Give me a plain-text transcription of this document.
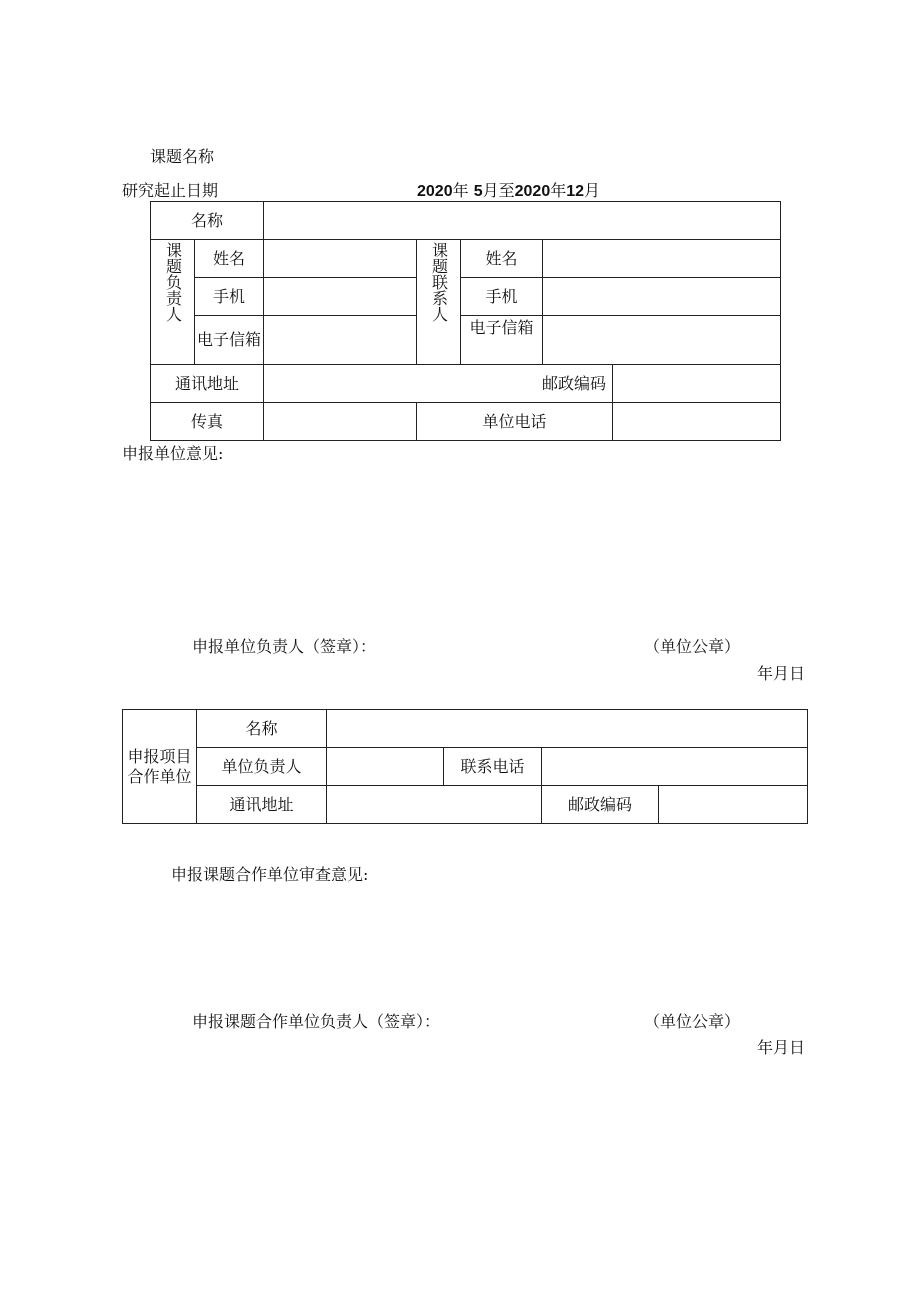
课题名称
研究起止日期	2020年 5月至2020年12月
名称						
课题负责人	姓名		课题联系人	姓名		
	手机			手机		
	电子信箱			电子信箱		
通讯地址		邮政编码				
传真			单位电话			
申报单位意见:
申报单位负责人（签章）：	（单位公章）
年月日
申报项目合作单位	名称				
	单位负责人		联系电话		
	通讯地址			邮政编码	
申报课题合作单位审查意见:
申报课题合作单位负责人（签章）：	（单位公章）
年月日
